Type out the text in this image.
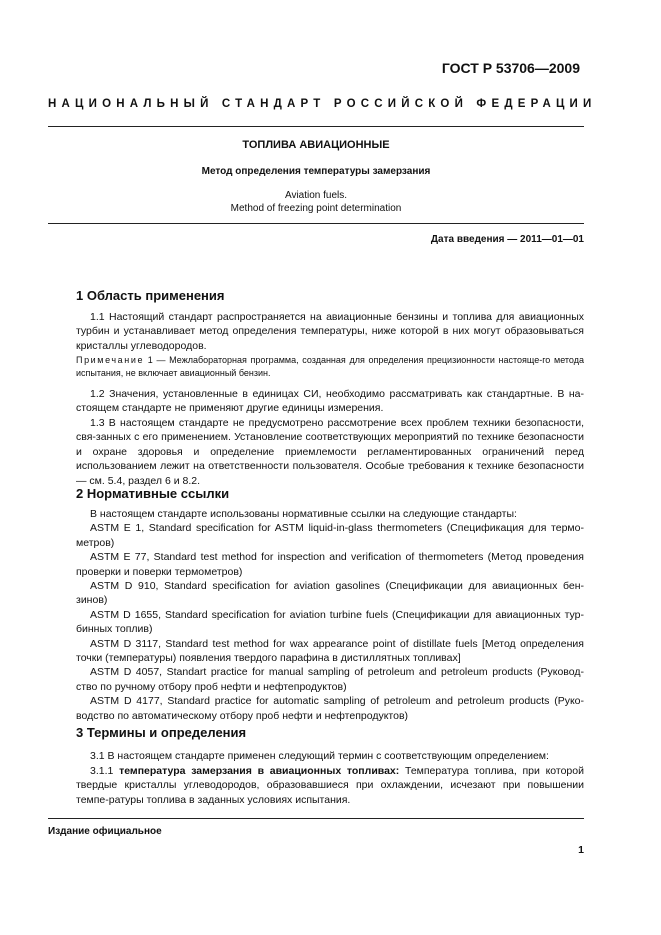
ГОСТ Р 53706—2009
НАЦИОНАЛЬНЫЙ СТАНДАРТ РОССИЙСКОЙ ФЕДЕРАЦИИ
ТОПЛИВА АВИАЦИОННЫЕ
Метод определения температуры замерзания
Aviation fuels.
Method of freezing point determination
Дата введения — 2011—01—01
1 Область применения
1.1 Настоящий стандарт распространяется на авиационные бензины и топлива для авиационных турбин и устанавливает метод определения температуры, ниже которой в них могут образовываться кристаллы углеводородов.
Примечание 1 — Межлабораторная программа, созданная для определения прецизионности настояще-го метода испытания, не включает авиационный бензин.
1.2 Значения, установленные в единицах СИ, необходимо рассматривать как стандартные. В на-стоящем стандарте не применяют другие единицы измерения.
1.3 В настоящем стандарте не предусмотрено рассмотрение всех проблем техники безопасности, свя-занных с его применением. Установление соответствующих мероприятий по технике безопасности и охране здоровья и определение приемлемости регламентированных ограничений перед использованием лежит на ответственности пользователя. Особые требования к технике безопасности — см. 5.4, раздел 6 и 8.2.
2 Нормативные ссылки

В настоящем стандарте использованы нормативные ссылки на следующие стандарты:

ASTM E 1, Standard specification for ASTM liquid-in-glass thermometers (Спецификация для термо-метров)

ASTM E 77, Standard test method for inspection and verification of thermometers (Метод проведения проверки и поверки термометров)

ASTM D 910, Standard specification for aviation gasolines (Спецификации для авиационных бен-зинов)

ASTM D 1655, Standard specification for aviation turbine fuels (Спецификации для авиационных тур-бинных топлив)

ASTM D 3117, Standard test method for wax appearance point of distillate fuels [Метод определения точки (температуры) появления твердого парафина в дистиллятных топливах]

ASTM D 4057, Standart practice for manual sampling of petroleum and petroleum products (Руковод-ство по ручному отбору проб нефти и нефтепродуктов)

ASTM D 4177, Standard practice for automatic sampling of petroleum and petroleum products (Руко-водство по автоматическому отбору проб нефти и нефтепродуктов)

3 Термины и определения
3.1 В настоящем стандарте применен следующий термин с соответствующим определением:
3.1.1 температура замерзания в авиационных топливах: Температура топлива, при которой твердые кристаллы углеводородов, образовавшиеся при охлаждении, исчезают при повышении темпе-ратуры топлива в заданных условиях испытания.
Издание официальное
1
